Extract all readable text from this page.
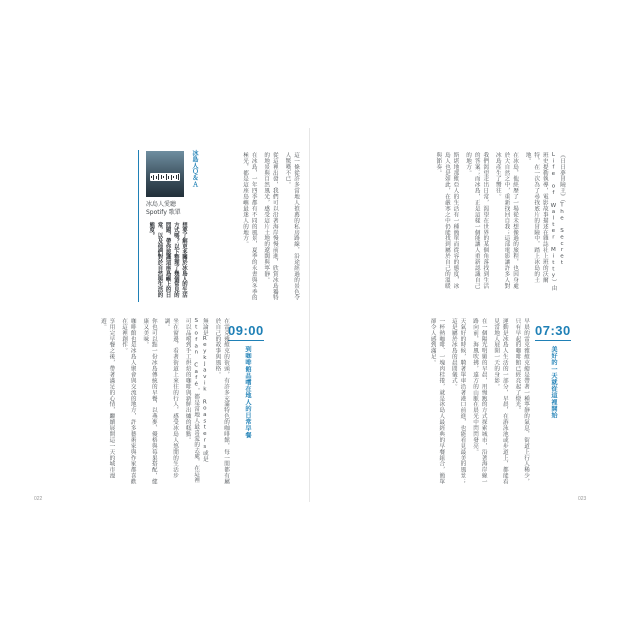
《日日夢冒險王》（The Secret Life of Walter Mitty）由班史提勒執導，電影故事描述在雜誌社上班的沃爾特，在一次為了尋找底片的冒險中，踏上冰島的土地。

在冰島，他經歷了一場從未想像過的旅程，也因身處於大自然之中，重新找回自我；這部電影讓許多人對冰島產生了嚮往。

我們渴望走出日常，渴望在世界的某個角落找到生活的答案；而冰島，正是這樣一個能讓人重新認識自己的地方。

斯堪地那維亞人的生活有一種簡單而從容的態度，冰島人也是如此，在嚴寒之中仍能找到屬於自己的溫暖與節奏。

早晨的雷克雅維克總是帶著一種寧靜的氣息，街道上行人稀少，只有早起的咖啡館已經亮起了燈光。

運動是冰島人生活的一部分，早晨，在游泳池或步道上，都能看見當地人展開一天的身影。

在一個陽光明媚的早晨，用慢跑的方式探索城市，沿著海岸線一路向前，海風吹拂，遠方的山脈在晨光中閃閃發亮。

天氣好的時候，騎著單車沿著港口前進，也能看見最美的風景；這是屬於冰島的晨間儀式。

一杯熱咖啡、一塊肉桂捲，就是冰島人最經典的早餐組合，簡單卻令人感到滿足。	07:30
美好的一天就從這裡開始
023
冰島人愛聽
Spotify 歌單
冰島人Ｑ＆Ａ
想要了解更多關於冰島人的生活方式嗎？以下整理了幾個常見的問題，帶你認識這座島嶼上的日常，以及他們對於自然與生活的態度。	這一條從許多當地人推薦的私房路線，沿途經過的景色令人驚嘆不已。

從這裡出發，我們可以沿著海岸慢慢前進，欣賞冰島獨特的地景與自然風光，感受這片土地的遼闊與寧靜。

在冰島，一年四季都有不同的風景，夏季的永晝與冬季的極光，都是這座島嶼最迷人的地方。

09:00
到咖啡館品嚐在地人的日常早餐

在雷克雅維克的街頭，有許多充滿特色的咖啡館，每一間都有屬於自己的故事與風格。

無論是Reykjavik Roasters或是Stofan Café，都是當地人最喜愛的去處，在這裡可以品嚐到手工烘焙的咖啡與新鮮出爐的糕點。

坐在窗邊，看著街道上來往的行人，感受冰島人悠閒的生活步調。

你也可以點一份冰島傳統的早餐，以燕麥、優格與莓果搭配，健康又美味。

咖啡館也是冰島人聚會與交流的地方，許多藝術家與作家都喜歡在這裡創作。

享用完早餐之後，帶著滿足的心情，繼續展開這一天的城市漫遊。

022
